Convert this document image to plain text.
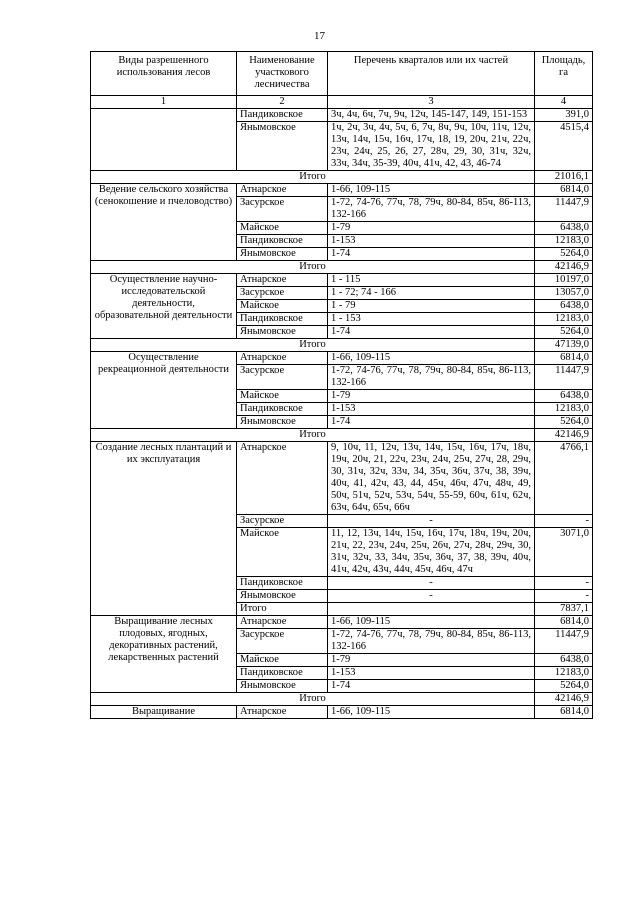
17
Виды разрешенного использования лесов	Наименование участкового лесничества	Перечень кварталов или их частей	Площадь, га
1	2	3	4
	Пандиковское	3ч, 4ч, 6ч, 7ч, 9ч, 12ч, 145-147, 149, 151-153	391,0
	Янымовское	1ч, 2ч, 3ч, 4ч, 5ч, 6, 7ч, 8ч, 9ч, 10ч, 11ч, 12ч, 13ч, 14ч, 15ч, 16ч, 17ч, 18, 19, 20ч, 21ч, 22ч, 23ч, 24ч, 25, 26, 27, 28ч, 29, 30, 31ч, 32ч, 33ч, 34ч, 35-39, 40ч, 41ч, 42, 43, 46-74	4515,4
Итого			21016,1
Ведение сельского хозяйства (сенокошение и пчеловодство)	Атнарское	1-66, 109-115	6814,0
	Засурское	1-72, 74-76, 77ч, 78, 79ч, 80-84, 85ч, 86-113, 132-166	11447,9
	Майское	1-79	6438,0
	Пандиковское	1-153	12183,0
	Янымовское	1-74	5264,0
Итого			42146,9
Осуществление научно-исследовательской деятельности, образовательной деятельности	Атнарское	1 - 115	10197,0
	Засурское	1 - 72; 74 - 166	13057,0
	Майское	1 - 79	6438,0
	Пандиковское	1 - 153	12183,0
	Янымовское	1-74	5264,0
Итого			47139,0
Осуществление рекреационной деятельности	Атнарское	1-66, 109-115	6814,0
	Засурское	1-72, 74-76, 77ч, 78, 79ч, 80-84, 85ч, 86-113, 132-166	11447,9
	Майское	1-79	6438,0
	Пандиковское	1-153	12183,0
	Янымовское	1-74	5264,0
Итого			42146,9
Создание лесных плантаций и их эксплуатация	Атнарское	9, 10ч, 11, 12ч, 13ч, 14ч, 15ч, 16ч, 17ч, 18ч, 19ч, 20ч, 21, 22ч, 23ч, 24ч, 25ч, 27ч, 28, 29ч, 30, 31ч, 32ч, 33ч, 34, 35ч, 36ч, 37ч, 38, 39ч, 40ч, 41, 42ч, 43, 44, 45ч, 46ч, 47ч, 48ч, 49, 50ч, 51ч, 52ч, 53ч, 54ч, 55-59, 60ч, 61ч, 62ч, 63ч, 64ч, 65ч, 66ч	4766,1
	Засурское	-	-
	Майское	11, 12, 13ч, 14ч, 15ч, 16ч, 17ч, 18ч, 19ч, 20ч, 21ч, 22, 23ч, 24ч, 25ч, 26ч, 27ч, 28ч, 29ч, 30, 31ч, 32ч, 33, 34ч, 35ч, 36ч, 37, 38, 39ч, 40ч, 41ч, 42ч, 43ч, 44ч, 45ч, 46ч, 47ч	3071,0
	Пандиковское	-	-
	Янымовское	-	-
	Итого		7837,1
Выращивание лесных плодовых, ягодных, декоративных растений, лекарственных растений	Атнарское	1-66, 109-115	6814,0
	Засурское	1-72, 74-76, 77ч, 78, 79ч, 80-84, 85ч, 86-113, 132-166	11447,9
	Майское	1-79	6438,0
	Пандиковское	1-153	12183,0
	Янымовское	1-74	5264,0
Итого			42146,9
Выращивание	Атнарское	1-66, 109-115	6814,0
